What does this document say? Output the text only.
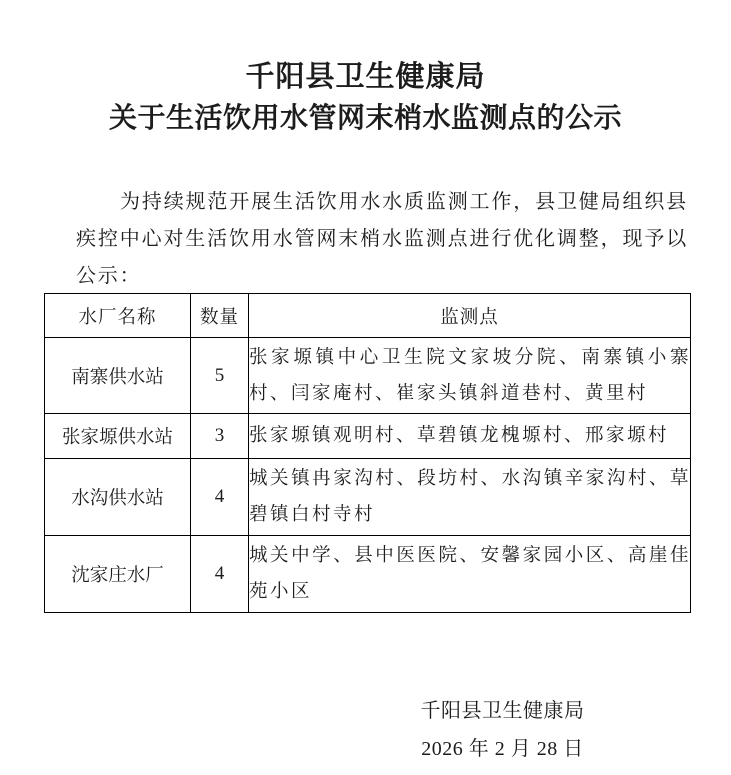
千阳县卫生健康局
关于生活饮用水管网末梢水监测点的公示
为持续规范开展生活饮用水水质监测工作，县卫健局组织县
疾控中心对生活饮用水管网末梢水监测点进行优化调整，现予以
公示：
水厂名称	数量	监测点
南寨供水站	5	张家塬镇中心卫生院文家坡分院、南寨镇小寨
村、闫家庵村、崔家头镇斜道巷村、黄里村

张家塬供水站	3	张家塬镇观明村、草碧镇龙槐塬村、邢家塬村

水沟供水站	4	城关镇冉家沟村、段坊村、水沟镇辛家沟村、草
碧镇白村寺村

沈家庄水厂	4	城关中学、县中医医院、安馨家园小区、高崖佳
苑小区
千阳县卫生健康局
2026 年 2 月 28 日
